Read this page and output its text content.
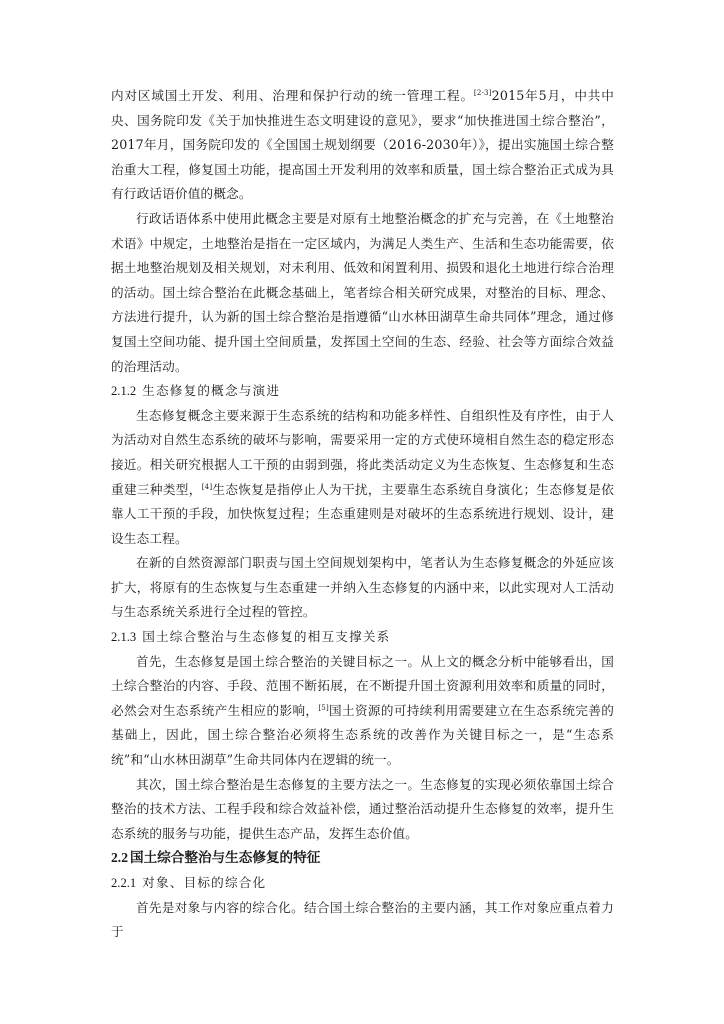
内对区域国土开发、利用、治理和保护行动的统一管理工程。[2-3]2015年5月，中共中央、国务院印发《关于加快推进生态文明建设的意见》，要求“加快推进国土综合整治”，2017年月，国务院印发的《全国国土规划纲要（2016-2030年）》，提出实施国土综合整治重大工程，修复国土功能，提高国土开发利用的效率和质量，国土综合整治正式成为具有行政话语价值的概念。

行政话语体系中使用此概念主要是对原有土地整治概念的扩充与完善，在《土地整治术语》中规定，土地整治是指在一定区域内，为满足人类生产、生活和生态功能需要，依据土地整治规划及相关规划，对未利用、低效和闲置利用、损毁和退化土地进行综合治理的活动。国土综合整治在此概念基础上，笔者综合相关研究成果，对整治的目标、理念、方法进行提升，认为新的国土综合整治是指遵循“山水林田湖草生命共同体”理念，通过修复国土空间功能、提升国土空间质量，发挥国土空间的生态、经验、社会等方面综合效益的治理活动。

2.1.2 生态修复的概念与演进

生态修复概念主要来源于生态系统的结构和功能多样性、自组织性及有序性，由于人为活动对自然生态系统的破坏与影响，需要采用一定的方式使环境相自然生态的稳定形态接近。相关研究根据人工干预的由弱到强，将此类活动定义为生态恢复、生态修复和生态重建三种类型，[4]生态恢复是指停止人为干扰，主要靠生态系统自身演化；生态修复是依靠人工干预的手段，加快恢复过程；生态重建则是对破坏的生态系统进行规划、设计，建设生态工程。

在新的自然资源部门职责与国土空间规划架构中，笔者认为生态修复概念的外延应该扩大，将原有的生态恢复与生态重建一并纳入生态修复的内涵中来，以此实现对人工活动与生态系统关系进行全过程的管控。

2.1.3 国土综合整治与生态修复的相互支撑关系

首先，生态修复是国土综合整治的关键目标之一。从上文的概念分析中能够看出，国土综合整治的内容、手段、范围不断拓展，在不断提升国土资源利用效率和质量的同时，必然会对生态系统产生相应的影响，[5]国土资源的可持续利用需要建立在生态系统完善的基础上，因此，国土综合整治必须将生态系统的改善作为关键目标之一，是“生态系统”和“山水林田湖草”生命共同体内在逻辑的统一。

其次，国土综合整治是生态修复的主要方法之一。生态修复的实现必须依靠国土综合整治的技术方法、工程手段和综合效益补偿，通过整治活动提升生态修复的效率，提升生态系统的服务与功能，提供生态产品，发挥生态价值。

2.2 国土综合整治与生态修复的特征
2.2.1 对象、目标的综合化

首先是对象与内容的综合化。结合国土综合整治的主要内涵，其工作对象应重点着力于
